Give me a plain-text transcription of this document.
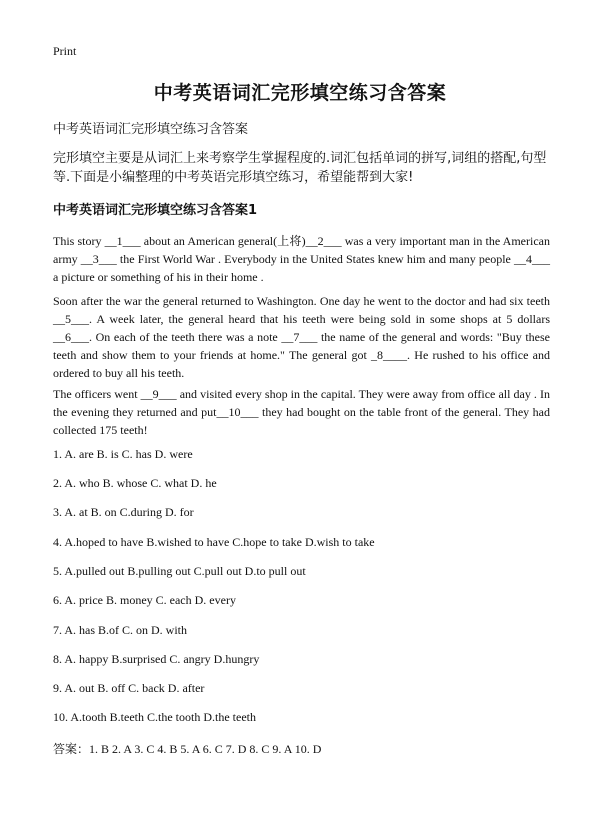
Print
中考英语词汇完形填空练习含答案
中考英语词汇完形填空练习含答案
完形填空主要是从词汇上来考察学生掌握程度的.词汇包括单词的拼写,词组的搭配,句型等.下面是小编整理的中考英语完形填空练习，希望能帮到大家!
中考英语词汇完形填空练习含答案1
This story __1___ about an American general(上将)__2___ was a very important man in the American army __3___ the First World War . Everybody in the United States knew him and many people __4___ a picture or something of his in their home .
Soon after the war the general returned to Washington. One day he went to the doctor and had six teeth __5___. A week later, the general heard that his teeth were being sold in some shops at 5 dollars __6___. On each of the teeth there was a note __7___ the name of the general and words: "Buy these teeth and show them to your friends at home." The general got _8____. He rushed to his office and ordered to buy all his teeth.
The officers went __9___ and visited every shop in the capital. They were away from office all day . In the evening they returned and put__10___ they had bought on the table front of the general. They had collected 175 teeth!
1. A. are B. is C. has D. were
2. A. who B. whose C. what D. he
3. A. at B. on C.during D. for
4. A.hoped to have B.wished to have C.hope to take D.wish to take
5. A.pulled out B.pulling out C.pull out D.to pull out
6. A. price B. money C. each D. every
7. A. has B.of C. on D. with
8. A. happy B.surprised C. angry D.hungry
9. A. out B. off C. back D. after
10. A.tooth B.teeth C.the tooth D.the teeth
答案：1. B 2. A 3. C 4. B 5. A 6. C 7. D 8. C 9. A 10. D
